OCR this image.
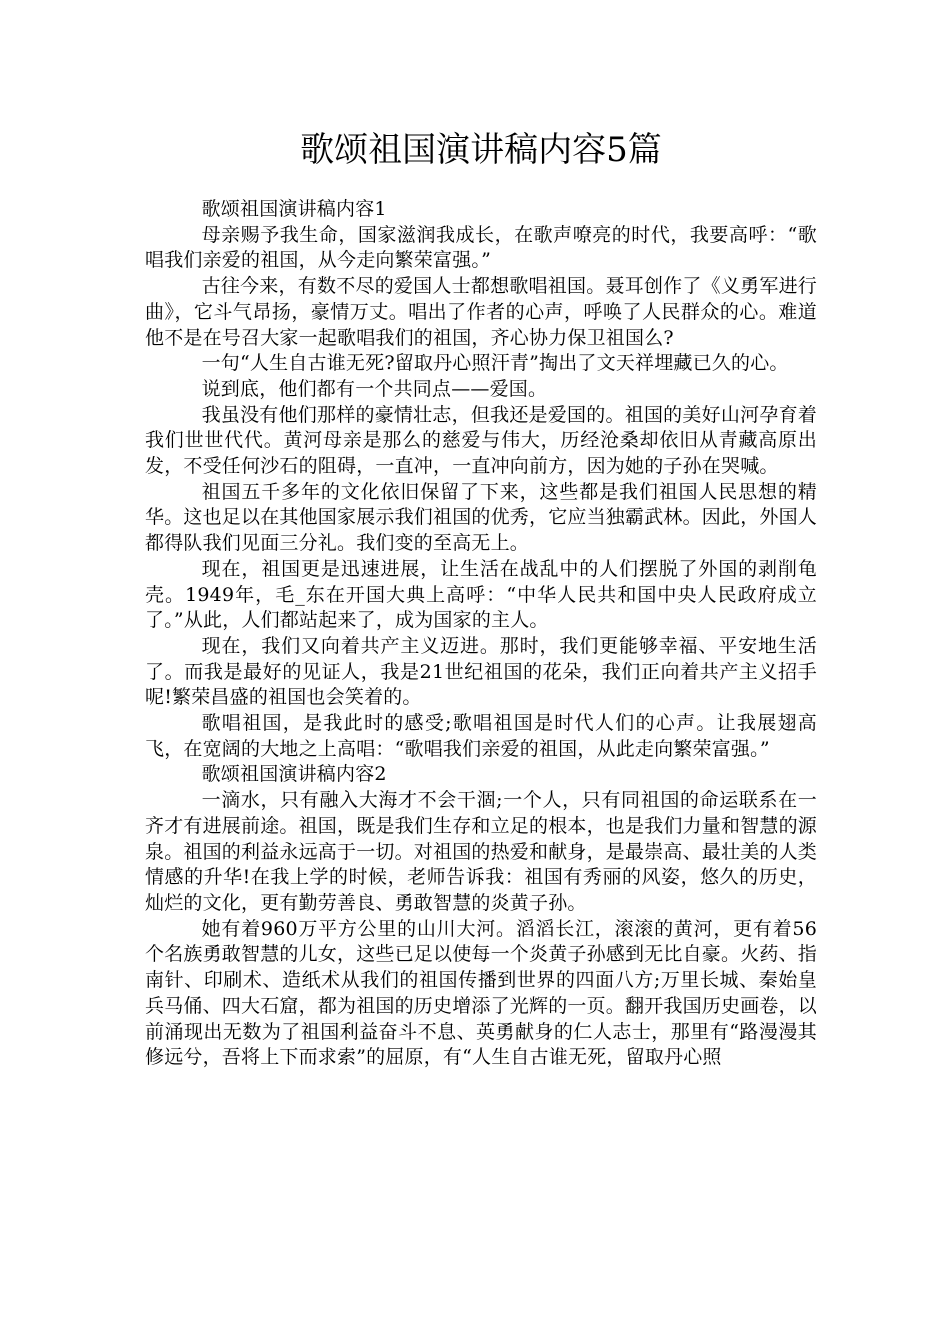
歌颂祖国演讲稿内容5篇

歌颂祖国演讲稿内容1

母亲赐予我生命，国家滋润我成长，在歌声嘹亮的时代，我要高呼：“歌唱我们亲爱的祖国，从今走向繁荣富强。”

古往今来，有数不尽的爱国人士都想歌唱祖国。聂耳创作了《义勇军进行曲》，它斗气昂扬，豪情万丈。唱出了作者的心声，呼唤了人民群众的心。难道他不是在号召大家一起歌唱我们的祖国，齐心协力保卫祖国么?

一句“人生自古谁无死?留取丹心照汗青”掏出了文天祥埋藏已久的心。

说到底，他们都有一个共同点——爱国。

我虽没有他们那样的豪情壮志，但我还是爱国的。祖国的美好山河孕育着我们世世代代。黄河母亲是那么的慈爱与伟大，历经沧桑却依旧从青藏高原出发，不受任何沙石的阻碍，一直冲，一直冲向前方，因为她的子孙在哭喊。

祖国五千多年的文化依旧保留了下来，这些都是我们祖国人民思想的精华。这也足以在其他国家展示我们祖国的优秀，它应当独霸武林。因此，外国人都得队我们见面三分礼。我们变的至高无上。

现在，祖国更是迅速进展，让生活在战乱中的人们摆脱了外国的剥削龟壳。1949年，毛_东在开国大典上高呼：“中华人民共和国中央人民政府成立了。”从此，人们都站起来了，成为国家的主人。

现在，我们又向着共产主义迈进。那时，我们更能够幸福、平安地生活了。而我是最好的见证人，我是21世纪祖国的花朵，我们正向着共产主义招手呢!繁荣昌盛的祖国也会笑着的。

歌唱祖国，是我此时的感受;歌唱祖国是时代人们的心声。让我展翅高飞，在宽阔的大地之上高唱：“歌唱我们亲爱的祖国，从此走向繁荣富强。”

歌颂祖国演讲稿内容2

一滴水，只有融入大海才不会干涸;一个人，只有同祖国的命运联系在一齐才有进展前途。祖国，既是我们生存和立足的根本，也是我们力量和智慧的源泉。祖国的利益永远高于一切。对祖国的热爱和献身，是最崇高、最壮美的人类情感的升华!在我上学的时候，老师告诉我：祖国有秀丽的风姿，悠久的历史，灿烂的文化，更有勤劳善良、勇敢智慧的炎黄子孙。

她有着960万平方公里的山川大河。滔滔长江，滚滚的黄河，更有着56个名族勇敢智慧的儿女，这些已足以使每一个炎黄子孙感到无比自豪。火药、指南针、印刷术、造纸术从我们的祖国传播到世界的四面八方;万里长城、秦始皇兵马俑、四大石窟，都为祖国的历史增添了光辉的一页。翻开我国历史画卷，以前涌现出无数为了祖国利益奋斗不息、英勇献身的仁人志士，那里有“路漫漫其修远兮，吾将上下而求索”的屈原，有“人生自古谁无死，留取丹心照
